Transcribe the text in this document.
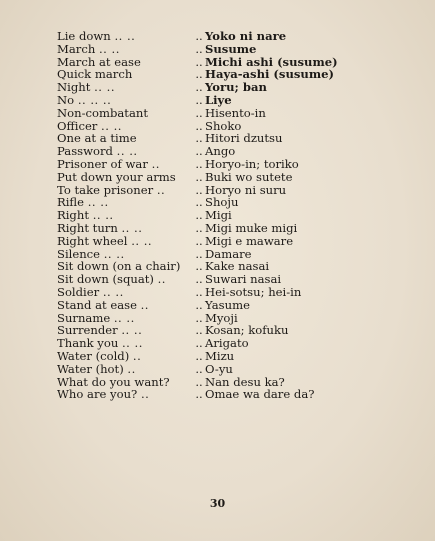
Lie down .. ..	.. Yoko ni nare
March .. ..	.. Susume
March at ease	.. Michi ashi (susume)
Quick march	.. Haya-ashi (susume)
Night .. ..	.. Yoru; ban
No .. .. ..	.. Liye
Non-combatant	.. Hisento-in
Officer .. ..	.. Shoko
One at a time	.. Hitori dzutsu
Password .. ..	.. Ango
Prisoner of war ..	.. Horyo-in; toriko
Put down your arms .. Buki wo sutete
To take prisoner ..	.. Horyo ni suru
Rifle .. ..	.. Shoju
Right .. ..	.. Migi
Right turn .. ..	.. Migi muke migi
Right wheel .. ..	.. Migi e maware
Silence .. ..	.. Damare
Sit down (on a chair) .. Kake nasai
Sit down (squat) ..	.. Suwari nasai
Soldier .. ..	.. Hei-sotsu; hei-in
Stand at ease ..	.. Yasume
Surname .. ..	.. Myoji
Surrender .. ..	.. Kosan; kofuku
Thank you .. ..	.. Arigato
Water (cold) ..	.. Mizu
Water (hot) ..	.. O-yu
What do you want? .. Nan desu ka?
Who are you? ..	.. Omae wa dare da?
30
